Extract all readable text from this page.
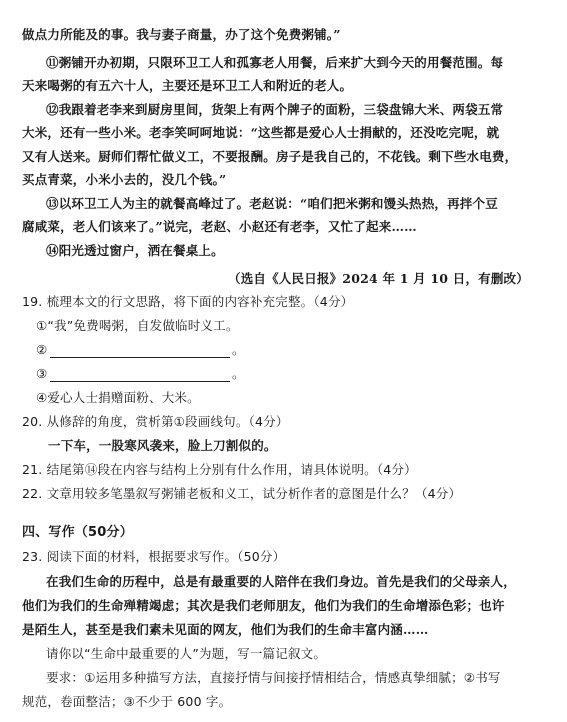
做点力所能及的事。我与妻子商量，办了这个免费粥铺。”
⑪粥铺开办初期，只限环卫工人和孤寡老人用餐，后来扩大到今天的用餐范围。每
天来喝粥的有五六十人，主要还是环卫工人和附近的老人。
⑫我跟着老李来到厨房里间，货架上有两个牌子的面粉，三袋盘锦大米、两袋五常
大米，还有一些小米。老李笑呵呵地说：“这些都是爱心人士捐献的，还没吃完呢，就
又有人送来。厨师们帮忙做义工，不要报酬。房子是我自己的，不花钱。剩下些水电费，
买点青菜，小米小去的，没几个钱。”
⑬以环卫工人为主的就餐高峰过了。老赵说：“咱们把米粥和馒头热热，再拌个豆
腐咸菜，老人们该来了。”说完，老赵、小赵还有老李，又忙了起来……
⑭阳光透过窗户，洒在餐桌上。
（选自《人民日报》2024 年 1 月 10 日，有删改）
19. 梳理本文的行文思路，将下面的内容补充完整。（4分）
①“我”免费喝粥，自发做临时义工。
②	。
③	。
④爱心人士捐赠面粉、大米。
20. 从修辞的角度，赏析第①段画线句。（4分）
一下车，一股寒风袭来，脸上刀割似的。
21. 结尾第⑭段在内容与结构上分别有什么作用，请具体说明。（4分）
22. 文章用较多笔墨叙写粥铺老板和义工，试分析作者的意图是什么？（4分）
四、写作（50分）
23. 阅读下面的材料，根据要求写作。（50分）
在我们生命的历程中，总是有最重要的人陪伴在我们身边。首先是我们的父母亲人，
他们为我们的生命殚精竭虑；其次是我们老师朋友，他们为我们的生命增添色彩；也许
是陌生人，甚至是我们素未见面的网友，他们为我们的生命丰富内涵……
请你以“生命中最重要的人”为题，写一篇记叙文。
要求：①运用多种描写方法，直接抒情与间接抒情相结合，情感真挚细腻；②书写
规范，卷面整洁；③不少于 600 字。
